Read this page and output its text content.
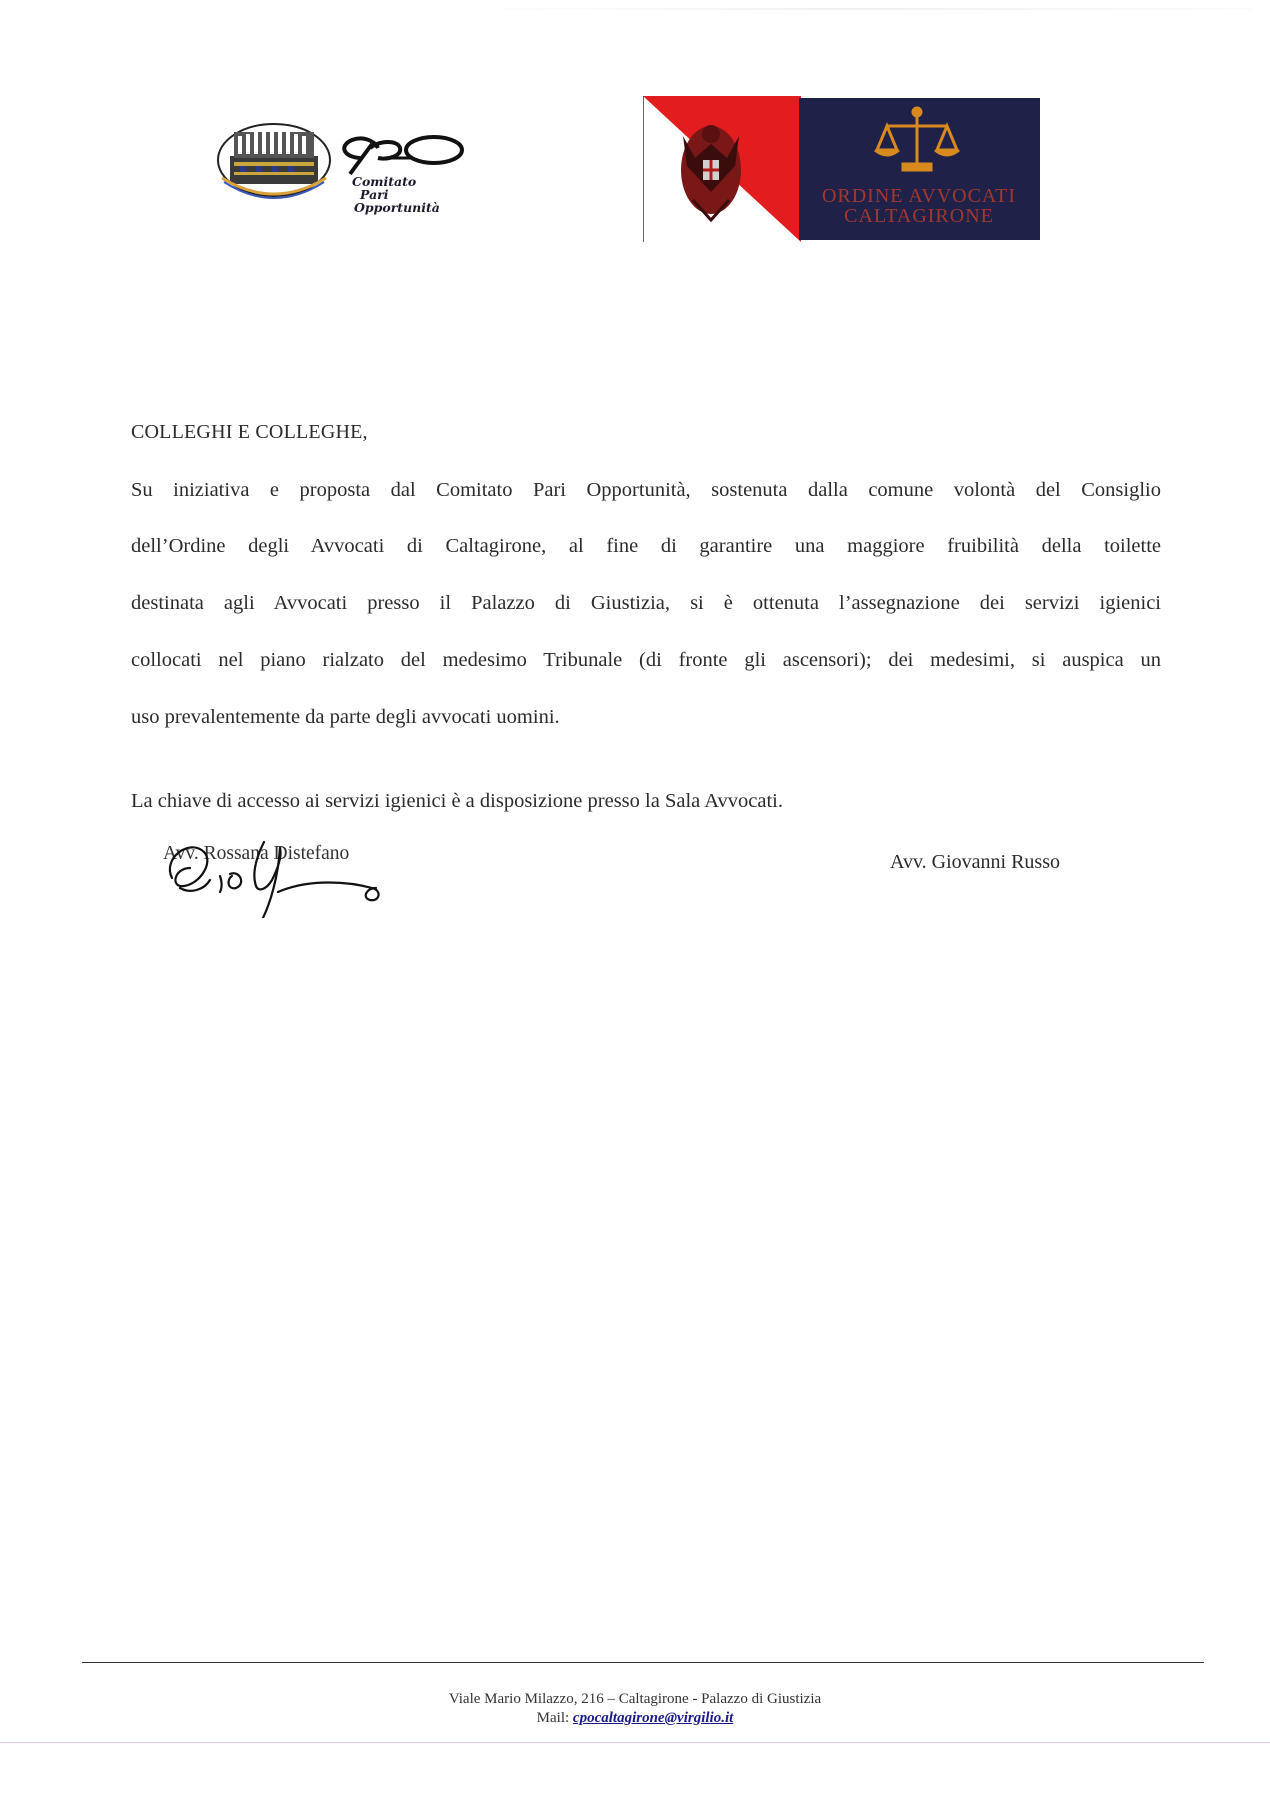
Comitato
Pari
Opportunità
ORDINE AVVOCATI
CALTAGIRONE
COLLEGHI E COLLEGHE,
Su iniziativa e proposta dal Comitato Pari Opportunità, sostenuta dalla comune volontà del Consiglio
dell’Ordine degli Avvocati di Caltagirone, al fine di garantire una maggiore fruibilità della toilette
destinata agli Avvocati presso il Palazzo di Giustizia, si è ottenuta l’assegnazione dei servizi igienici
collocati nel piano rialzato del medesimo Tribunale (di fronte gli ascensori); dei medesimi, si auspica un
uso prevalentemente da parte degli avvocati uomini.
La chiave di accesso ai servizi igienici è a disposizione presso la Sala Avvocati.
Avv. Rossana Distefano	Avv. Giovanni Russo
Viale Mario Milazzo, 216 – Caltagirone - Palazzo di Giustizia
Mail: cpocaltagirone@virgilio.it
